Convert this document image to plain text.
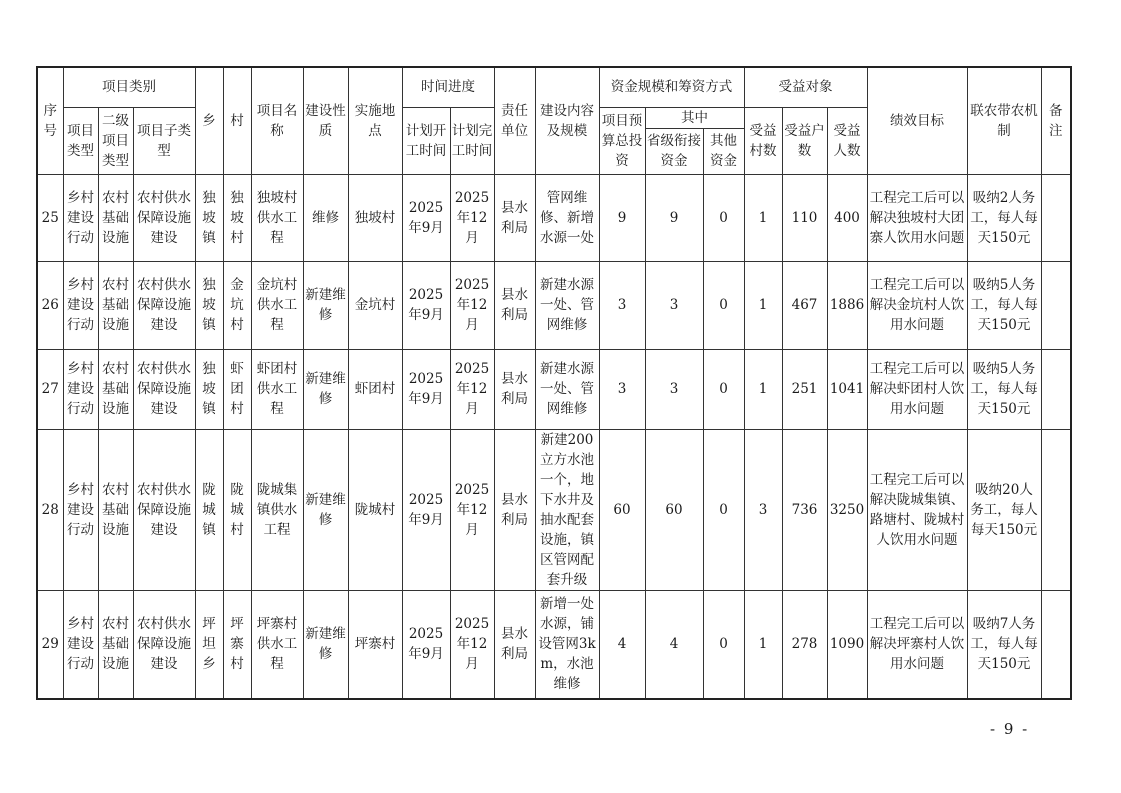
序号	项目类别			乡	村	项目名称	建设性质	实施地点	时间进度		责任单位	建设内容及规模	资金规模和筹资方式			受益对象			绩效目标	联农带农机制	备注
	项目类型	二级项目类型	项目子类型						计划开工时间	计划完工时间			项目预算总投资	其中		受益村数	受益户数	受益人数			
														省级衔接资金	其他资金						
25	乡村建设行动	农村基础设施	农村供水保障设施建设	独坡镇	独坡村	独坡村供水工程	维修	独坡村	2025年9月	2025年12月	县水利局	管网维修、新增水源一处	9	9	0	1	110	400	工程完工后可以解决独坡村大团寨人饮用水问题	吸纳2人务工，每人每天150元	
26	乡村建设行动	农村基础设施	农村供水保障设施建设	独坡镇	金坑村	金坑村供水工程	新建维修	金坑村	2025年9月	2025年12月	县水利局	新建水源一处、管网维修	3	3	0	1	467	1886	工程完工后可以解决金坑村人饮用水问题	吸纳5人务工，每人每天150元	
27	乡村建设行动	农村基础设施	农村供水保障设施建设	独坡镇	虾团村	虾团村供水工程	新建维修	虾团村	2025年9月	2025年12月	县水利局	新建水源一处、管网维修	3	3	0	1	251	1041	工程完工后可以解决虾团村人饮用水问题	吸纳5人务工，每人每天150元	
28	乡村建设行动	农村基础设施	农村供水保障设施建设	陇城镇	陇城村	陇城集镇供水工程	新建维修	陇城村	2025年9月	2025年12月	县水利局	新建200立方水池一个，地下水井及抽水配套设施，镇区管网配套升级	60	60	0	3	736	3250	工程完工后可以解决陇城集镇、路塘村、陇城村人饮用水问题	吸纳20人务工，每人每天150元	
29	乡村建设行动	农村基础设施	农村供水保障设施建设	坪坦乡	坪寨村	坪寨村供水工程	新建维修	坪寨村	2025年9月	2025年12月	县水利局	新增一处水源，铺设管网3km，水池维修	4	4	0	1	278	1090	工程完工后可以解决坪寨村人饮用水问题	吸纳7人务工，每人每天150元	
- 9 -
